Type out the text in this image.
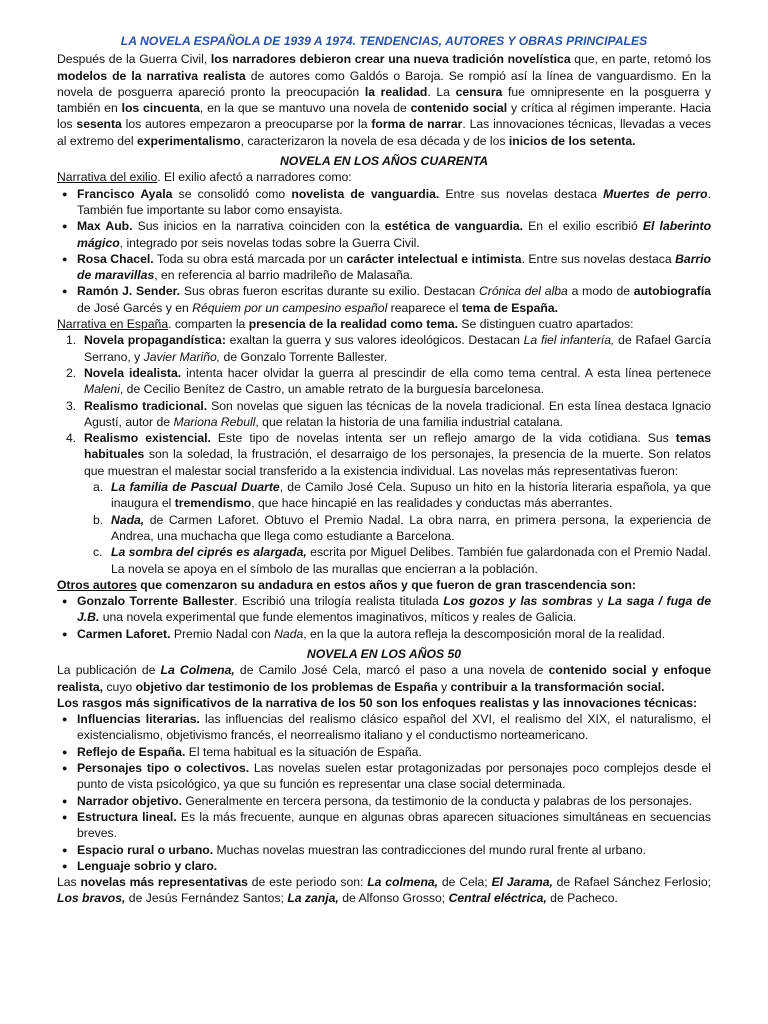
LA NOVELA ESPAÑOLA DE 1939 A 1974. TENDENCIAS, AUTORES Y OBRAS PRINCIPALES

Después de la Guerra Civil, los narradores debieron crear una nueva tradición novelística que, en parte, retomó los modelos de la narrativa realista de autores como Galdós o Baroja. Se rompió así la línea de vanguardismo. En la novela de posguerra apareció pronto la preocupación la realidad. La censura fue omnipresente en la posguerra y también en los cincuenta, en la que se mantuvo una novela de contenido social y crítica al régimen imperante. Hacia los sesenta los autores empezaron a preocuparse por la forma de narrar. Las innovaciones técnicas, llevadas a veces al extremo del experimentalismo, caracterizaron la novela de esa década y de los inicios de los setenta.

NOVELA EN LOS AÑOS CUARENTA

Narrativa del exilio. El exilio afectó a narradores como:

● Francisco Ayala se consolidó como novelista de vanguardia. Entre sus novelas destaca Muertes de perro. También fue importante su labor como ensayista.

● Max Aub. Sus inicios en la narrativa coinciden con la estética de vanguardia. En el exilio escribió El laberinto mágico, integrado por seis novelas todas sobre la Guerra Civil.

● Rosa Chacel. Toda su obra está marcada por un carácter intelectual e intimista. Entre sus novelas destaca Barrio de maravillas, en referencia al barrio madrileño de Malasaña.

● Ramón J. Sender. Sus obras fueron escritas durante su exilio. Destacan Crónica del alba a modo de autobiografía de José Garcés y en Réquiem por un campesino español reaparece el tema de España.

Narrativa en España. comparten la presencia de la realidad como tema. Se distinguen cuatro apartados:

1. Novela propagandística: exaltan la guerra y sus valores ideológicos. Destacan La fiel infantería, de Rafael García Serrano, y Javier Mariño, de Gonzalo Torrente Ballester.

2. Novela idealista. intenta hacer olvidar la guerra al prescindir de ella como tema central. A esta línea pertenece Maleni, de Cecilio Benítez de Castro, un amable retrato de la burguesía barcelonesa.

3. Realismo tradicional. Son novelas que siguen las técnicas de la novela tradicional. En esta línea destaca Ignacio Agustí, autor de Mariona Rebull, que relatan la historia de una familia industrial catalana.

4. Realismo existencial. Este tipo de novelas intenta ser un reflejo amargo de la vida cotidiana. Sus temas habituales son la soledad, la frustración, el desarraigo de los personajes, la presencia de la muerte. Son relatos que muestran el malestar social transferido a la existencia individual. Las novelas más representativas fueron:

a. La familia de Pascual Duarte, de Camilo José Cela. Supuso un hito en la historia literaria española, ya que inaugura el tremendismo, que hace hincapié en las realidades y conductas más aberrantes.

b. Nada, de Carmen Laforet. Obtuvo el Premio Nadal. La obra narra, en primera persona, la experiencia de Andrea, una muchacha que llega como estudiante a Barcelona.

c. La sombra del ciprés es alargada, escrita por Miguel Delibes. También fue galardonada con el Premio Nadal. La novela se apoya en el símbolo de las murallas que encierran a la población.

Otros autores que comenzaron su andadura en estos años y que fueron de gran trascendencia son:

● Gonzalo Torrente Ballester. Escribió una trilogía realista titulada Los gozos y las sombras y La saga / fuga de J.B. una novela experimental que funde elementos imaginativos, míticos y reales de Galicia.

● Carmen Laforet. Premio Nadal con Nada, en la que la autora refleja la descomposición moral de la realidad.

NOVELA EN LOS AÑOS 50

La publicación de La Colmena, de Camilo José Cela, marcó el paso a una novela de contenido social y enfoque realista, cuyo objetivo dar testimonio de los problemas de España y contribuir a la transformación social.

Los rasgos más significativos de la narrativa de los 50 son los enfoques realistas y las innovaciones técnicas:

● Influencias literarias. las influencias del realismo clásico español del XVI, el realismo del XIX, el naturalismo, el existencialismo, objetivismo francés, el neorrealismo italiano y el conductismo norteamericano.

● Reflejo de España. El tema habitual es la situación de España.

● Personajes tipo o colectivos. Las novelas suelen estar protagonizadas por personajes poco complejos desde el punto de vista psicológico, ya que su función es representar una clase social determinada.

● Narrador objetivo. Generalmente en tercera persona, da testimonio de la conducta y palabras de los personajes.

● Estructura lineal. Es la más frecuente, aunque en algunas obras aparecen situaciones simultáneas en secuencias breves.

● Espacio rural o urbano. Muchas novelas muestran las contradicciones del mundo rural frente al urbano.

● Lenguaje sobrio y claro.

Las novelas más representativas de este periodo son: La colmena, de Cela; El Jarama, de Rafael Sánchez Ferlosio; Los bravos, de Jesús Fernández Santos; La zanja, de Alfonso Grosso; Central eléctrica, de Pacheco.
